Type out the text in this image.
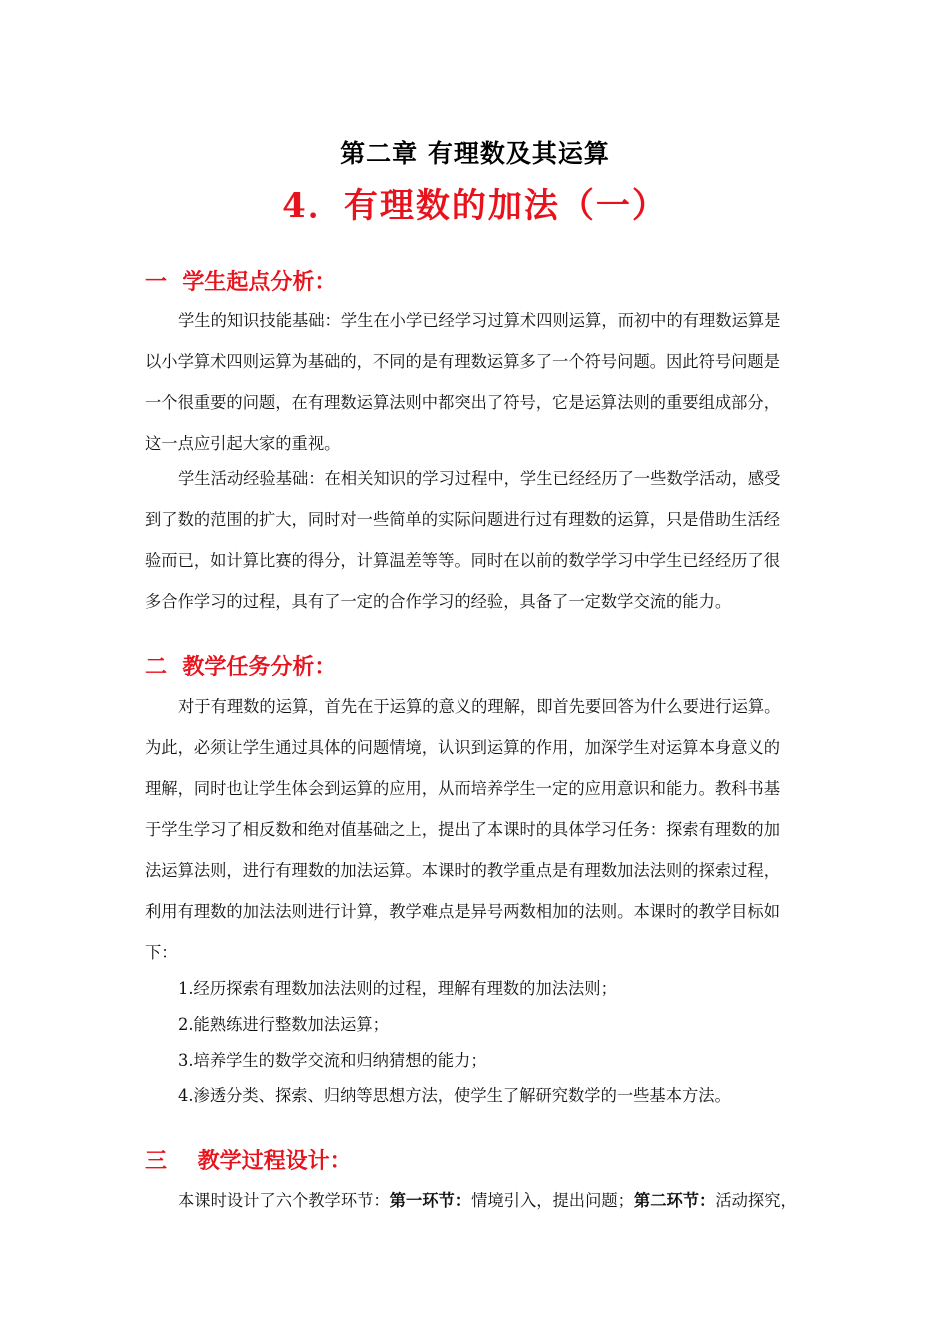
第二章 有理数及其运算
4．有理数的加法（一）
一 学生起点分析：
学生的知识技能基础：学生在小学已经学习过算术四则运算，而初中的有理数运算是
以小学算术四则运算为基础的，不同的是有理数运算多了一个符号问题。因此符号问题是
一个很重要的问题，在有理数运算法则中都突出了符号，它是运算法则的重要组成部分，
这一点应引起大家的重视。
学生活动经验基础：在相关知识的学习过程中，学生已经经历了一些数学活动，感受
到了数的范围的扩大，同时对一些简单的实际问题进行过有理数的运算，只是借助生活经
验而已，如计算比赛的得分，计算温差等等。同时在以前的数学学习中学生已经经历了很
多合作学习的过程，具有了一定的合作学习的经验，具备了一定数学交流的能力。
二 教学任务分析：
对于有理数的运算，首先在于运算的意义的理解，即首先要回答为什么要进行运算。
为此，必须让学生通过具体的问题情境，认识到运算的作用，加深学生对运算本身意义的
理解，同时也让学生体会到运算的应用，从而培养学生一定的应用意识和能力。教科书基
于学生学习了相反数和绝对值基础之上，提出了本课时的具体学习任务：探索有理数的加
法运算法则，进行有理数的加法运算。本课时的教学重点是有理数加法法则的探索过程，
利用有理数的加法法则进行计算，教学难点是异号两数相加的法则。本课时的教学目标如
下：
1.经历探索有理数加法法则的过程，理解有理数的加法法则；
2.能熟练进行整数加法运算；
3.培养学生的数学交流和归纳猜想的能力；
4.渗透分类、探索、归纳等思想方法，使学生了解研究数学的一些基本方法。
三 教学过程设计：
本课时设计了六个教学环节：第一环节：情境引入，提出问题；第二环节：活动探究，
